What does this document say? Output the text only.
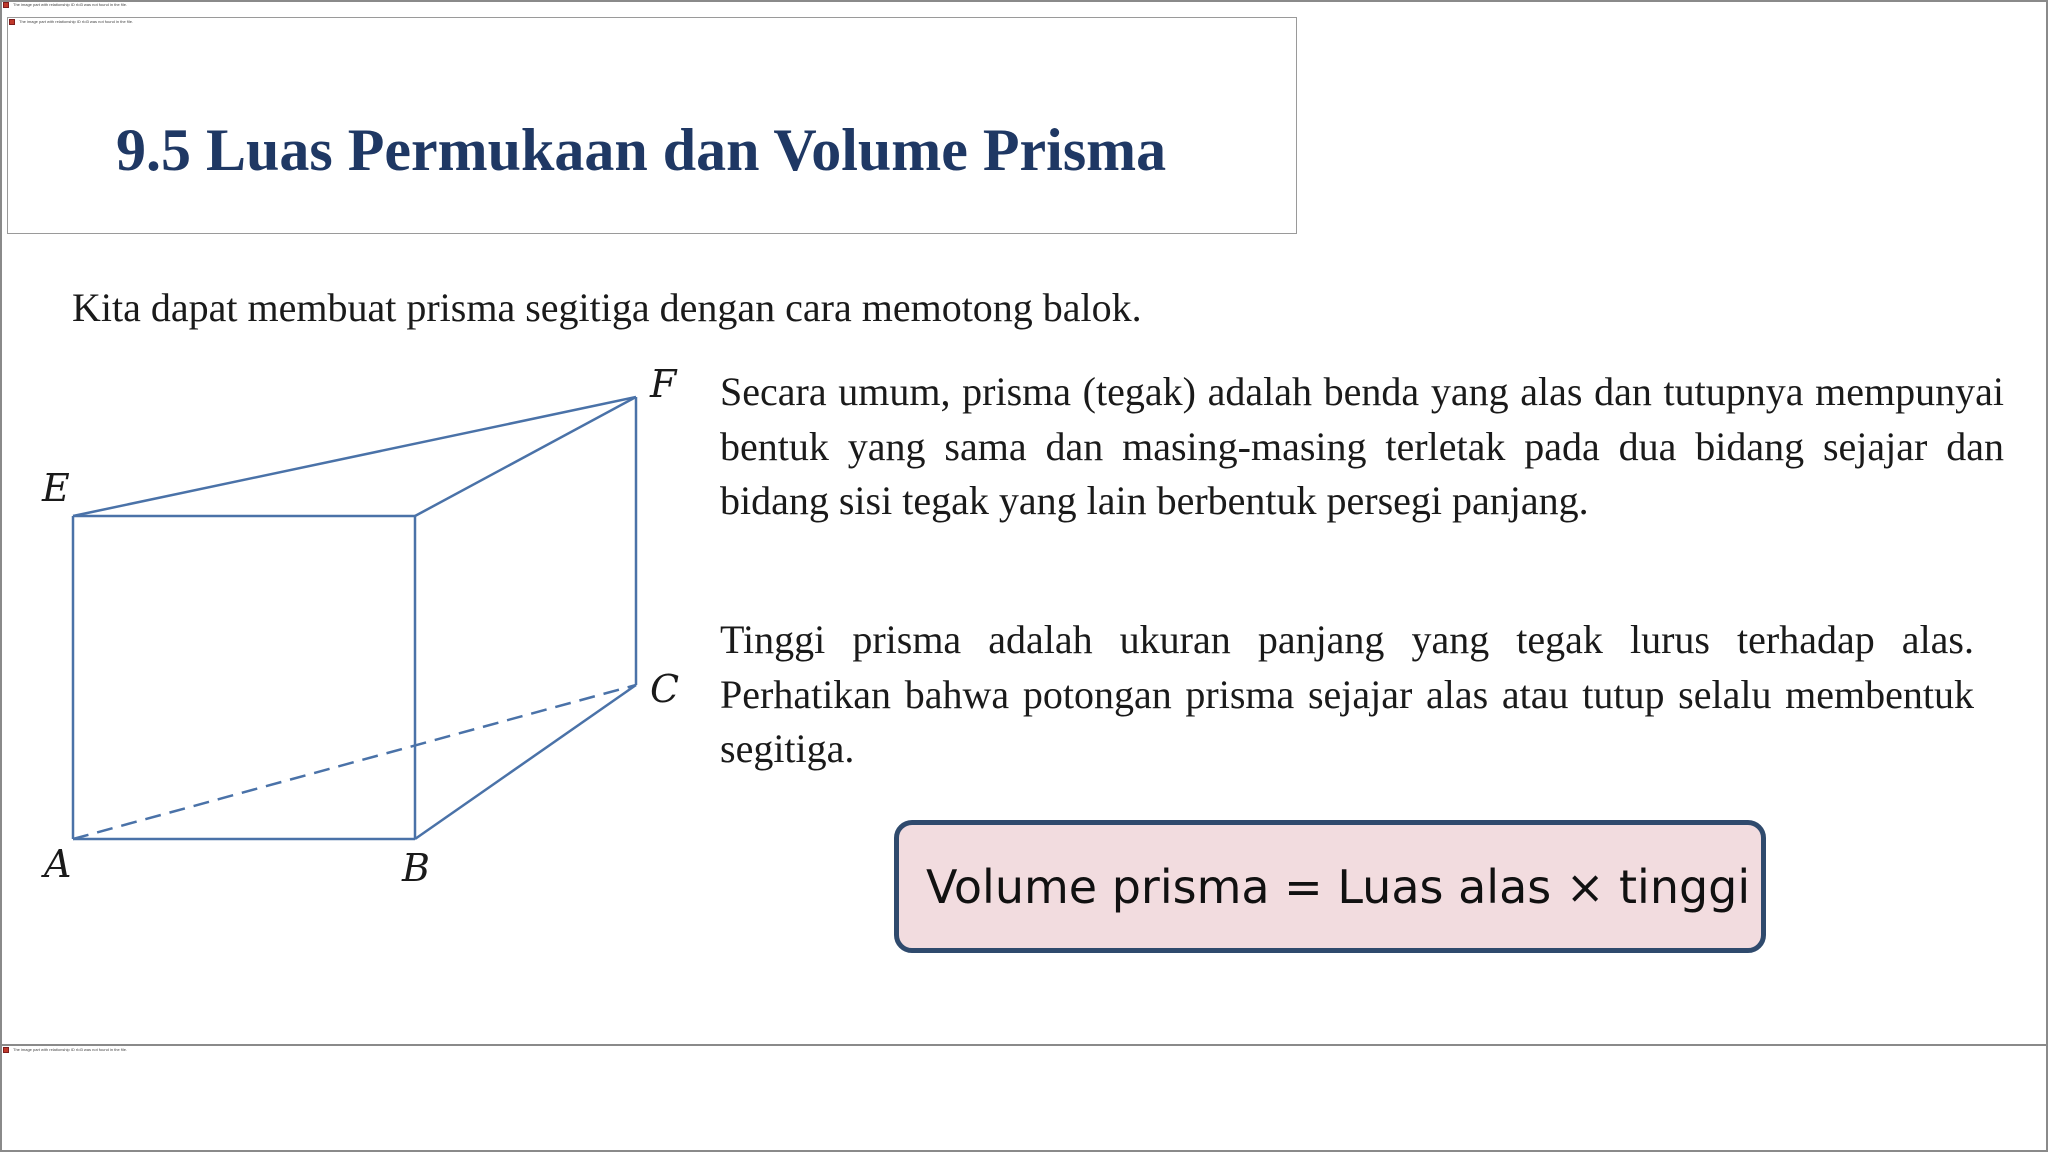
The image part with relationship ID rId3 was not found in the file.
The image part with relationship ID rId3 was not found in the file.
9.5 Luas Permukaan dan Volume Prisma

Kita dapat membuat prisma segitiga dengan cara memotong balok.

F
E
C
A	B

Secara umum, prisma (tegak) adalah benda yang alas dan tutupnya mempunyai bentuk yang sama dan masing-masing terletak pada dua bidang sejajar dan bidang sisi tegak yang lain berbentuk persegi panjang.

Tinggi prisma adalah ukuran panjang yang tegak lurus terhadap alas. Perhatikan bahwa potongan prisma sejajar alas atau tutup selalu membentuk segitiga.

Volume prisma = Luas alas × tinggi
The image part with relationship ID rId3 was not found in the file.
